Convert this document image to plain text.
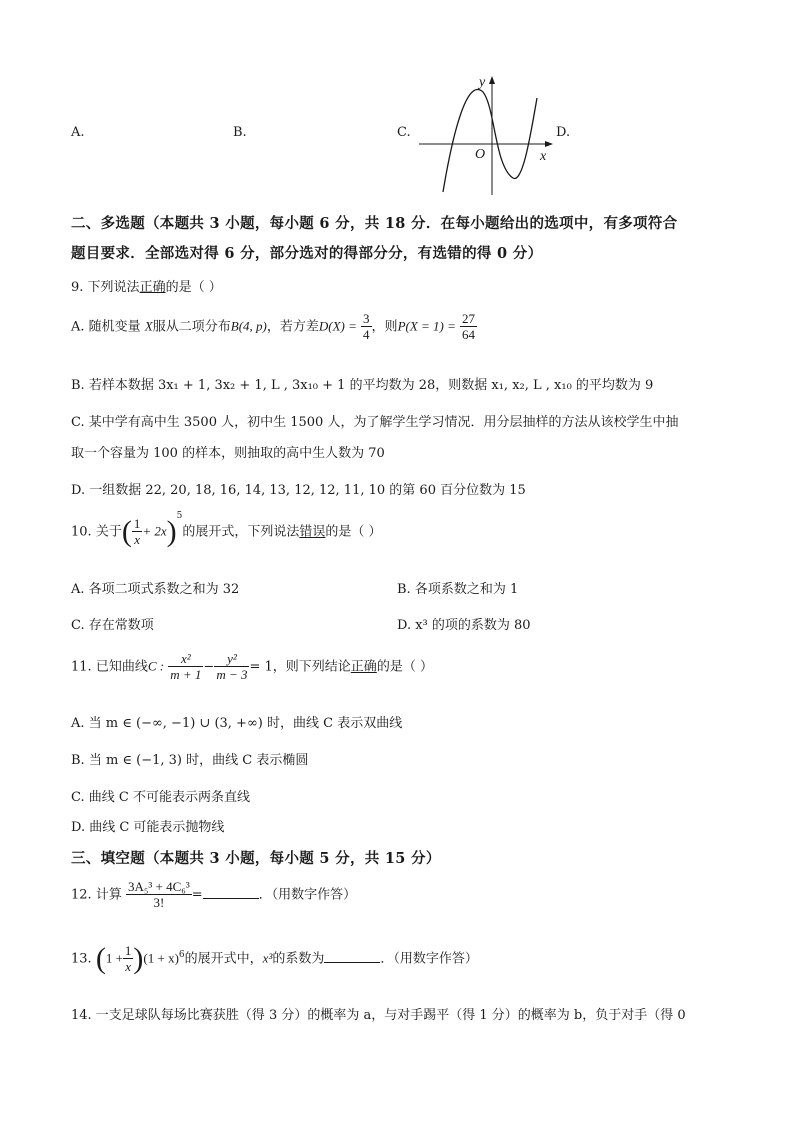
A.	B.	C.	D.
y
x
O
二、多选题（本题共 3 小题，每小题 6 分，共 18 分．在每小题给出的选项中，有多项符合
题目要求．全部选对得 6 分，部分选对的得部分分，有选错的得 0 分）
9. 下列说法正确的是（ ）
A. 随机变量 X服从二项分布B(4, p)，若方差$D(X) = \frac{3}{4}$ ，则$P(X = 1) = \frac{27}{64}$
B. 若样本数据 3x₁ + 1, 3x₂ + 1, L , 3x₁₀ + 1 的平均数为 28，则数据 x₁, x₂, L , x₁₀ 的平均数为 9
C. 某中学有高中生 3500 人，初中生 1500 人，为了解学生学习情况．用分层抽样的方法从该校学生中抽
取一个容量为 100 的样本，则抽取的高中生人数为 70
D. 一组数据 22, 20, 18, 16, 14, 13, 12, 12, 11, 10 的第 60 百分位数为 15
10. 关于( $\frac{1}{x} + 2x)^5$的展开式，下列说法错误的是（ ）
A. 各项二项式系数之和为 32	B. 各项系数之和为 1
C. 存在常数项	D. x³ 的项的系数为 80
11. 已知曲线C : $\frac{\text{x²}}{m + 1} - \frac{\text{y²}}{m - 3} = 1$，则下列结论正确的是（ ）
A. 当 m ∈ (−∞, −1) ∪ (3, +∞) 时，曲线 C 表示双曲线
B. 当 m ∈ (−1, 3) 时，曲线 C 表示椭圆
C. 曲线 C 不可能表示两条直线
D. 曲线 C 可能表示抛物线
三、填空题（本题共 3 小题，每小题 5 分，共 15 分）
12. 计算 $\frac{\text{3A₅³ + 4C₆³}}{3!}$ =	．（用数字作答）
13. $(1 + \frac{1}{x} )(1 + x)^6$的展开式中，x³的系数为	．（用数字作答）
14. 一支足球队每场比赛获胜（得 3 分）的概率为 a，与对手踢平（得 1 分）的概率为 b，负于对手（得 0
